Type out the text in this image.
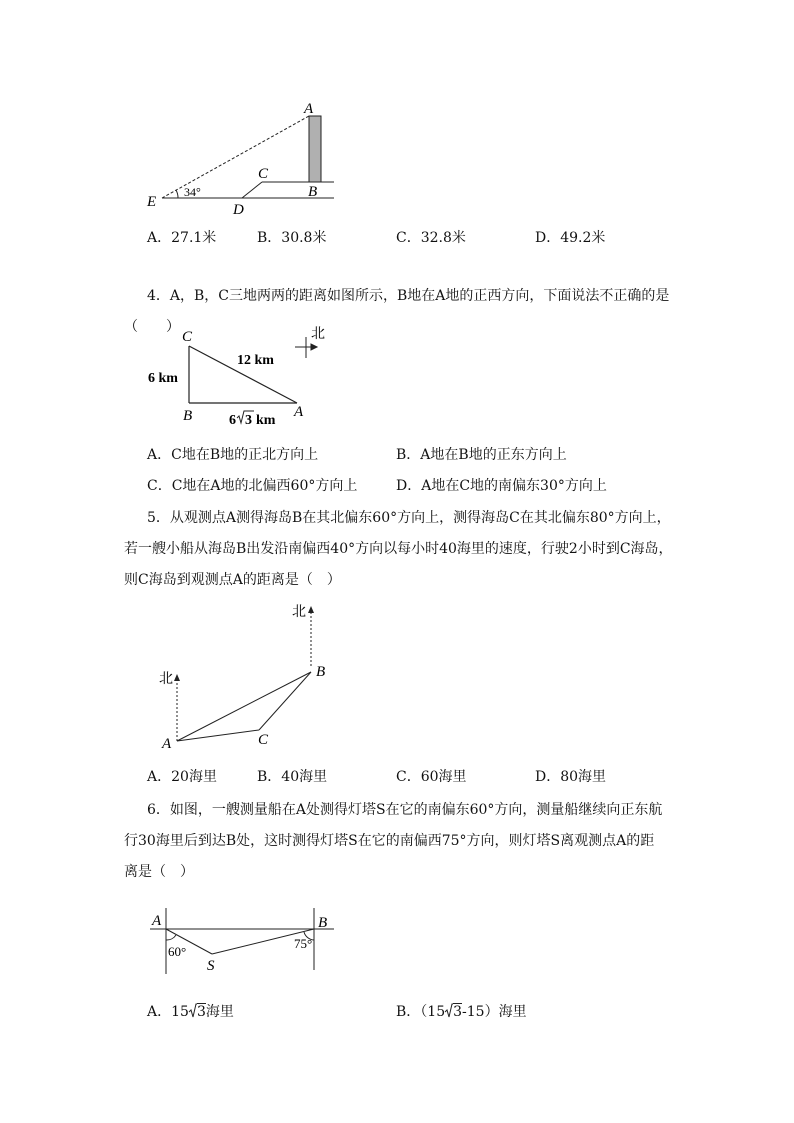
A
C
B
D
E
34°
A．27.1米	B．30.8米	C．32.8米	D．49.2米
4．A，B，C三地两两的距离如图所示，B地在A地的正西方向，下面说法不正确的是
（　　）	北
C
B	A
6 km
12 km
6 3 km
A．C地在B地的正北方向上	B．A地在B地的正东方向上
C．C地在A地的北偏西60°方向上	D．A地在C地的南偏东30°方向上
5．从观测点A测得海岛B在其北偏东60°方向上，测得海岛C在其北偏东80°方向上，
若一艘小船从海岛B出发沿南偏西40°方向以每小时40海里的速度，行驶2小时到C海岛，
则C海岛到观测点A的距离是（　）
北
北
A
B
C
A．20海里	B．40海里	C．60海里	D．80海里
6．如图，一艘测量船在A处测得灯塔S在它的南偏东60°方向，测量船继续向正东航
行30海里后到达B处，这时测得灯塔S在它的南偏西75°方向，则灯塔S离观测点A的距
离是（　）
A	B
S
60°
75°
A．15 3海里	B．（15 3-15）海里
